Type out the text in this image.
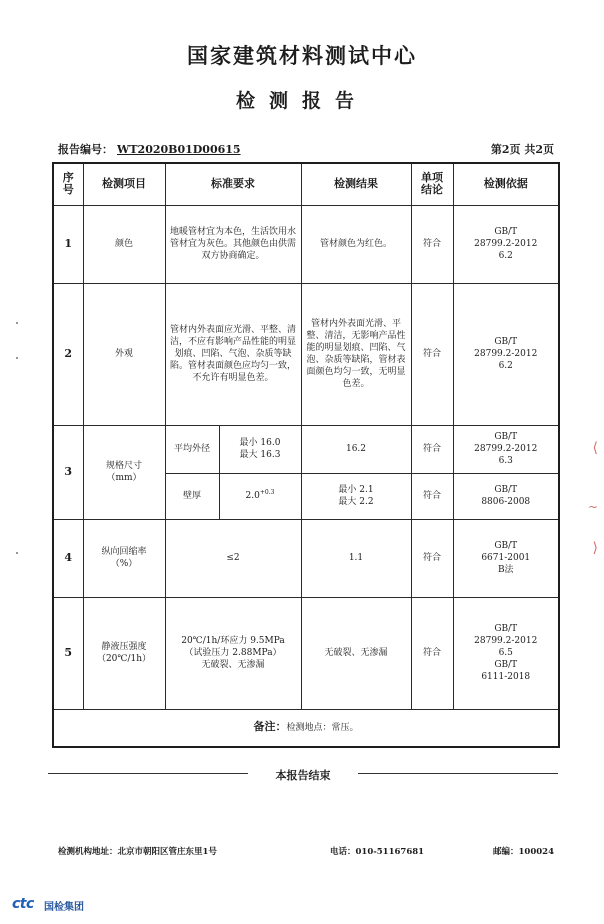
国家建筑材料测试中心
检测报告
报告编号： WT2020B01D00615	第2页 共2页
序
号	检测项目	标准要求		检测结果	单项
结论	检测依据
1	颜色	地暖管材宜为本色，生活饮用水管材宜为灰色。其他颜色由供需双方协商确定。		管材颜色为红色。	符合	GB/T
28799.2-2012
6.2

2	外观	管材内外表面应光滑、平整、清洁，不应有影响产品性能的明显划痕、凹陷、气泡、杂质等缺陷。管材表面颜色应均匀一致，不允许有明显色差。		管材内外表面光滑、平整、清洁，无影响产品性能的明显划痕、凹陷、气泡、杂质等缺陷，管材表面颜色均匀一致，无明显色差。	符合	GB/T
28799.2-2012
6.2

3	规格尺寸
（mm）	平均外径	最小 16.0
最大 16.3	16.2	符合	GB/T
28799.2-2012
6.3

		壁厚	$2.0^{+0.3}$	最小 2.1
最大 2.2	符合	GB/T
8806-2008

4	纵向回缩率
（%）	≤2		1.1	符合	GB/T
6671-2001
B法

5	静液压强度
（20℃/1h）	20℃/1h/环应力 9.5MPa
（试验压力 2.88MPa）
无破裂、无渗漏		无破裂、无渗漏	符合	GB/T
28799.2-2012
6.5
GB/T
6111-2018

备注：检测地点：常压。						
本报告结束
检测机构地址：北京市朝阳区管庄东里1号	电话：010-51167681	邮编：100024
ctc 国检集团
⟨
~
⟩
